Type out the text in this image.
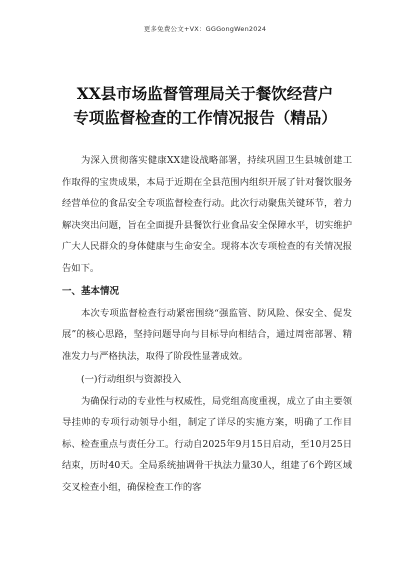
更多免费公文+VX：GGGongWen2024
XX县市场监督管理局关于餐饮经营户
专项监督检查的工作情况报告（精品）

为深入贯彻落实健康XX建设战略部署，持续巩固卫生县城创建工作取得的宝贵成果，本局于近期在全县范围内组织开展了针对餐饮服务经营单位的食品安全专项监督检查行动。此次行动聚焦关键环节，着力解决突出问题，旨在全面提升县餐饮行业食品安全保障水平，切实维护广大人民群众的身体健康与生命安全。现将本次专项检查的有关情况报告如下。

一、基本情况

本次专项监督检查行动紧密围绕“强监管、防风险、保安全、促发展”的核心思路，坚持问题导向与目标导向相结合，通过周密部署、精准发力与严格执法，取得了阶段性显著成效。

(一)行动组织与资源投入

为确保行动的专业性与权威性，局党组高度重视，成立了由主要领导挂帅的专项行动领导小组，制定了详尽的实施方案，明确了工作目标、检查重点与责任分工。行动自2025年9月15日启动，至10月25日结束，历时40天。全局系统抽调骨干执法力量30人，组建了6个跨区域交叉检查小组，确保检查工作的客
